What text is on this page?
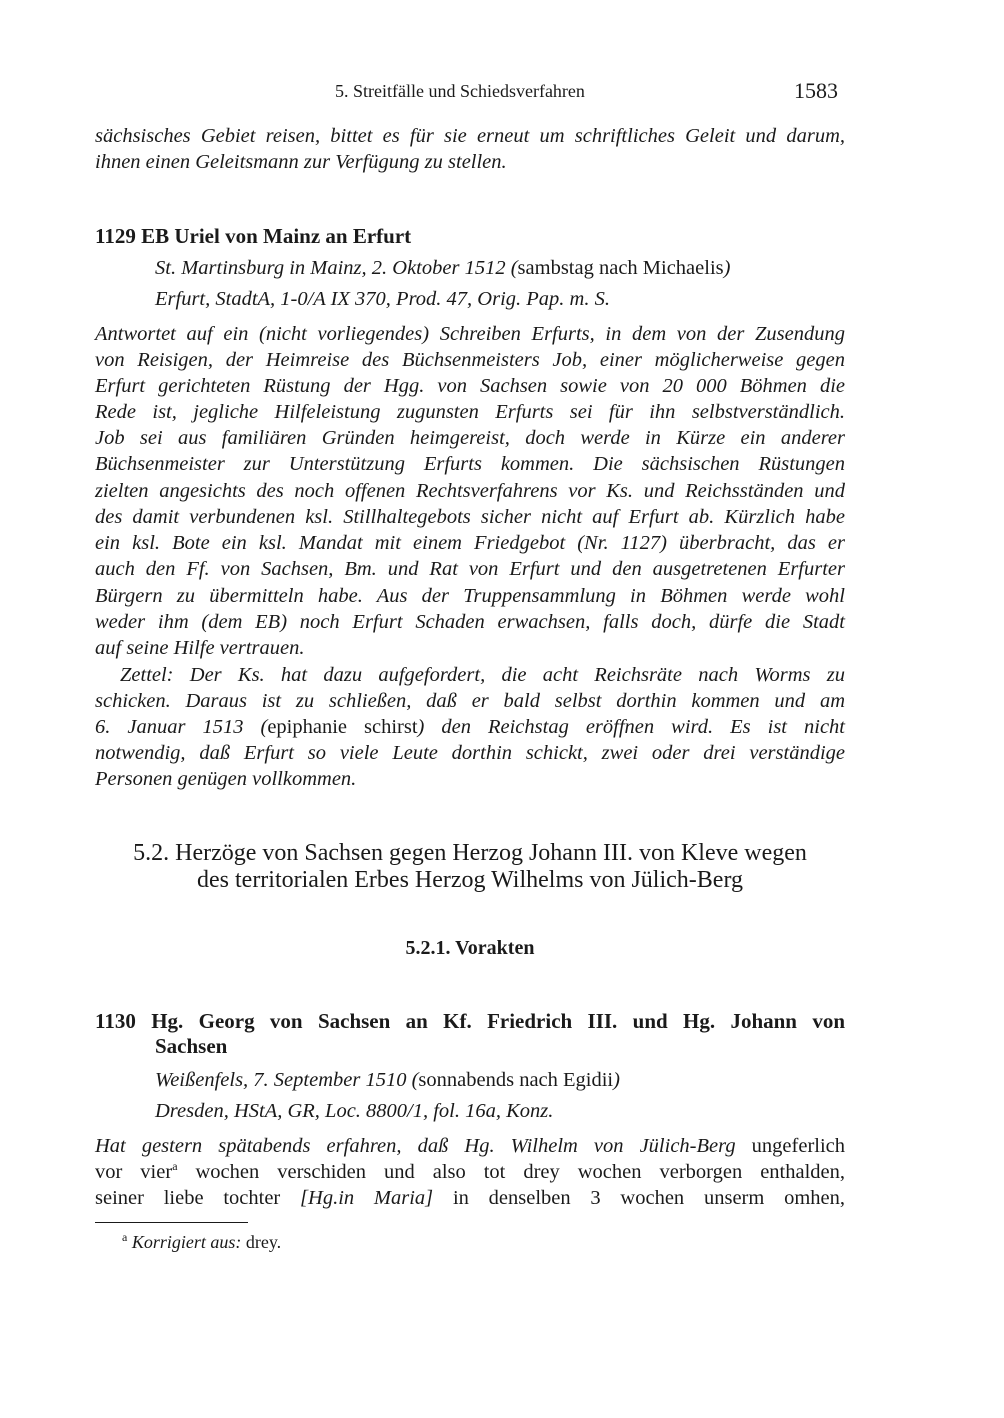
5. Streitfälle und Schiedsverfahren	1583
sächsisches Gebiet reisen, bittet es für sie erneut um schriftliches Geleit und darum,
ihnen einen Geleitsmann zur Verfügung zu stellen.
1129 EB Uriel von Mainz an Erfurt
St. Martinsburg in Mainz, 2. Oktober 1512 (sambstag nach Michaelis)
Erfurt, StadtA, 1-0/A IX 370, Prod. 47, Orig. Pap. m. S.
Antwortet auf ein (nicht vorliegendes) Schreiben Erfurts, in dem von der Zusendung
von Reisigen, der Heimreise des Büchsenmeisters Job, einer möglicherweise gegen
Erfurt gerichteten Rüstung der Hgg. von Sachsen sowie von 20 000 Böhmen die
Rede ist, jegliche Hilfeleistung zugunsten Erfurts sei für ihn selbstverständlich.
Job sei aus familiären Gründen heimgereist, doch werde in Kürze ein anderer
Büchsenmeister zur Unterstützung Erfurts kommen. Die sächsischen Rüstungen
zielten angesichts des noch offenen Rechtsverfahrens vor Ks. und Reichsständen und
des damit verbundenen ksl. Stillhaltegebots sicher nicht auf Erfurt ab. Kürzlich habe
ein ksl. Bote ein ksl. Mandat mit einem Friedgebot (Nr. 1127) überbracht, das er
auch den Ff. von Sachsen, Bm. und Rat von Erfurt und den ausgetretenen Erfurter
Bürgern zu übermitteln habe. Aus der Truppensammlung in Böhmen werde wohl
weder ihm (dem EB) noch Erfurt Schaden erwachsen, falls doch, dürfe die Stadt
auf seine Hilfe vertrauen.
Zettel: Der Ks. hat dazu aufgefordert, die acht Reichsräte nach Worms zu
schicken. Daraus ist zu schließen, daß er bald selbst dorthin kommen und am
6. Januar 1513 (epiphanie schirst) den Reichstag eröffnen wird. Es ist nicht
notwendig, daß Erfurt so viele Leute dorthin schickt, zwei oder drei verständige
Personen genügen vollkommen.
5.2. Herzöge von Sachsen gegen Herzog Johann III. von Kleve wegen
des territorialen Erbes Herzog Wilhelms von Jülich-Berg
5.2.1. Vorakten
1130 Hg. Georg von Sachsen an Kf. Friedrich III. und Hg. Johann von
Sachsen
Weißenfels, 7. September 1510 (sonnabends nach Egidii)
Dresden, HStA, GR, Loc. 8800/1, fol. 16a, Konz.
Hat gestern spätabends erfahren, daß Hg. Wilhelm von Jülich-Berg ungeferlich
vor vier$^a$ wochen verschiden und also tot drey wochen verborgen enthalden,
seiner liebe tochter [Hg.in Maria] in denselben 3 wochen unserm omhen,
$^a$ Korrigiert aus: drey.
